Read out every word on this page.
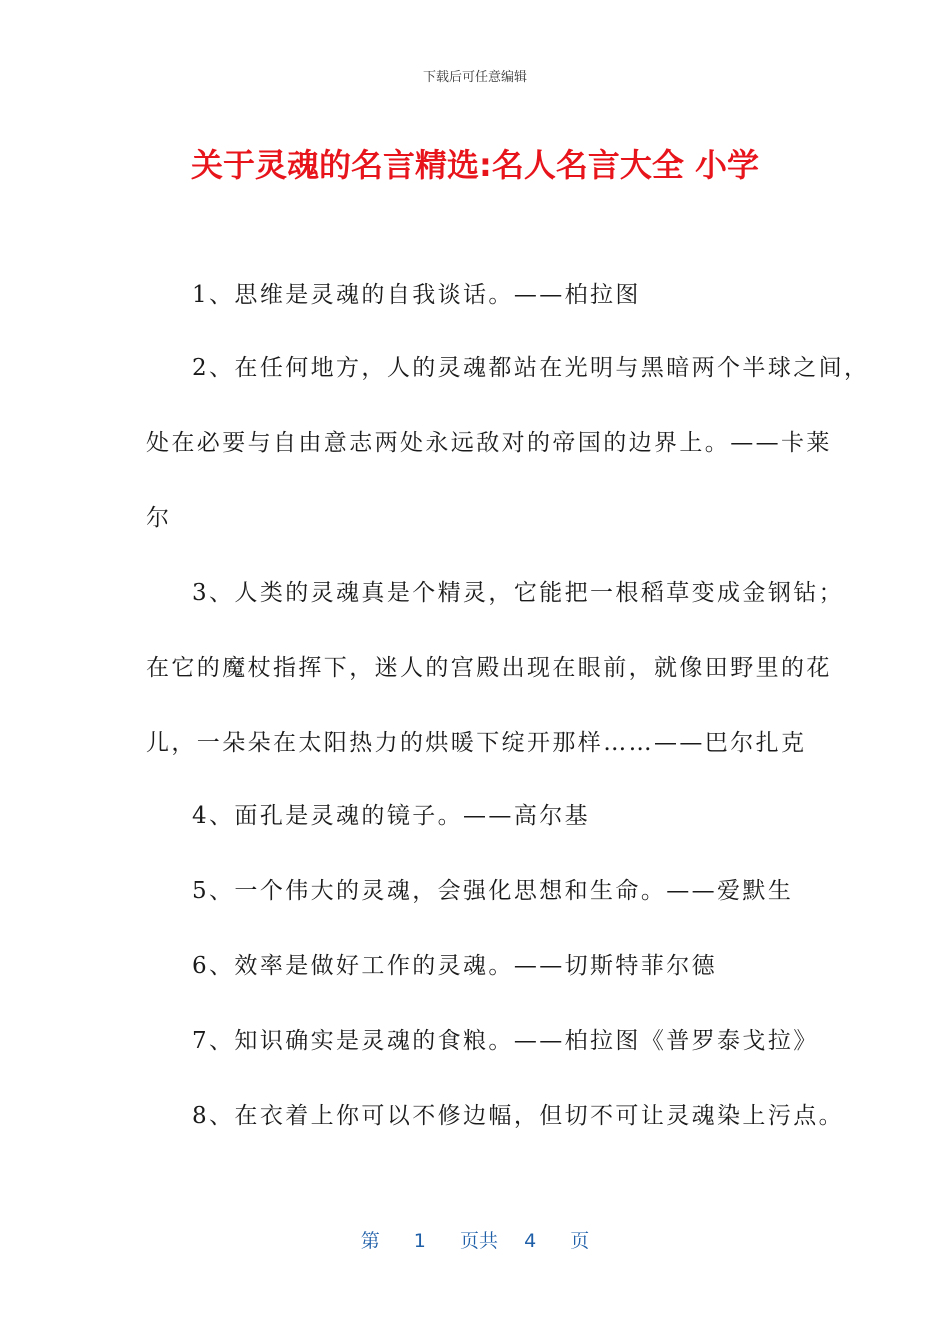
下载后可任意编辑
关于灵魂的名言精选:名人名言大全 小学
1、思维是灵魂的自我谈话。——柏拉图
2、在任何地方，人的灵魂都站在光明与黑暗两个半球之间，
处在必要与自由意志两处永远敌对的帝国的边界上。——卡莱
尔
3、人类的灵魂真是个精灵，它能把一根稻草变成金钢钻；
在它的魔杖指挥下，迷人的宫殿出现在眼前，就像田野里的花
儿，一朵朵在太阳热力的烘暖下绽开那样……——巴尔扎克
4、面孔是灵魂的镜子。——高尔基
5、一个伟大的灵魂，会强化思想和生命。——爱默生
6、效率是做好工作的灵魂。——切斯特菲尔德
7、知识确实是灵魂的食粮。——柏拉图《普罗泰戈拉》
8、在衣着上你可以不修边幅，但切不可让灵魂染上污点。
第 1 页共 4 页
